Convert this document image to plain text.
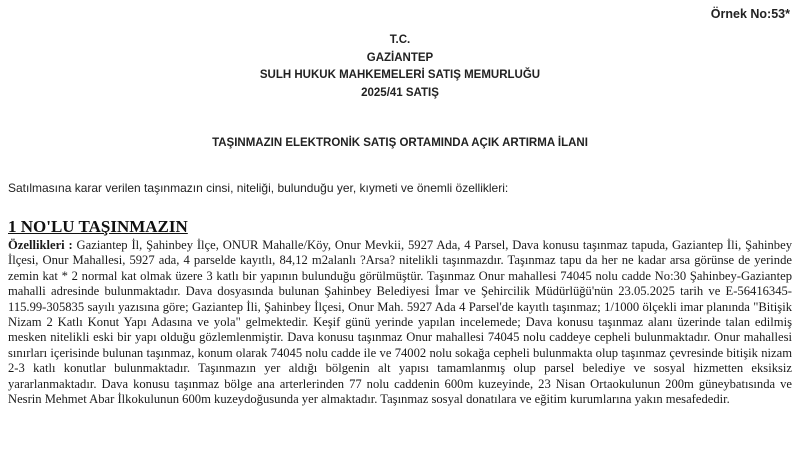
Örnek No:53*
T.C.
GAZİANTEP
SULH HUKUK MAHKEMELERİ SATIŞ MEMURLUĞU
2025/41 SATIŞ
TAŞINMAZIN ELEKTRONİK SATIŞ ORTAMINDA AÇIK ARTIRMA İLANI
Satılmasına karar verilen taşınmazın cinsi, niteliği, bulunduğu yer, kıymeti ve önemli özellikleri:
1 NO'LU TAŞINMAZIN

Özellikleri : Gaziantep İl, Şahinbey İlçe, ONUR Mahalle/Köy, Onur Mevkii, 5927 Ada, 4 Parsel, Dava konusu taşınmaz tapuda, Gaziantep İli, Şahinbey İlçesi, Onur Mahallesi, 5927 ada, 4 parselde kayıtlı, 84,12 m2alanlı ?Arsa? nitelikli taşınmazdır. Taşınmaz tapu da her ne kadar arsa görünse de yerinde zemin kat * 2 normal kat olmak üzere 3 katlı bir yapının bulunduğu görülmüştür. Taşınmaz Onur mahallesi 74045 nolu cadde No:30 Şahinbey-Gaziantep mahalli adresinde bulunmaktadır. Dava dosyasında bulunan Şahinbey Belediyesi İmar ve Şehircilik Müdürlüğü'nün 23.05.2025 tarih ve E-56416345-115.99-305835 sayılı yazısına göre; Gaziantep İli, Şahinbey İlçesi, Onur Mah. 5927 Ada 4 Parsel'de kayıtlı taşınmaz; 1/1000 ölçekli imar planında "Bitişik Nizam 2 Katlı Konut Yapı Adasına ve yola" gelmektedir. Keşif günü yerinde yapılan incelemede; Dava konusu taşınmaz alanı üzerinde talan edilmiş mesken nitelikli eski bir yapı olduğu gözlemlenmiştir. Dava konusu taşınmaz Onur mahallesi 74045 nolu caddeye cepheli bulunmaktadır. Onur mahallesi sınırları içerisinde bulunan taşınmaz, konum olarak 74045 nolu cadde ile ve 74002 nolu sokağa cepheli bulunmakta olup taşınmaz çevresinde bitişik nizam 2-3 katlı konutlar bulunmaktadır. Taşınmazın yer aldığı bölgenin alt yapısı tamamlanmış olup parsel belediye ve sosyal hizmetten eksiksiz yararlanmaktadır. Dava konusu taşınmaz bölge ana arterlerinden 77 nolu caddenin 600m kuzeyinde, 23 Nisan Ortaokulunun 200m güneybatısında ve Nesrin Mehmet Abar İlkokulunun 600m kuzeydoğusunda yer almaktadır. Taşınmaz sosyal donatılara ve eğitim kurumlarına yakın mesafededir.
